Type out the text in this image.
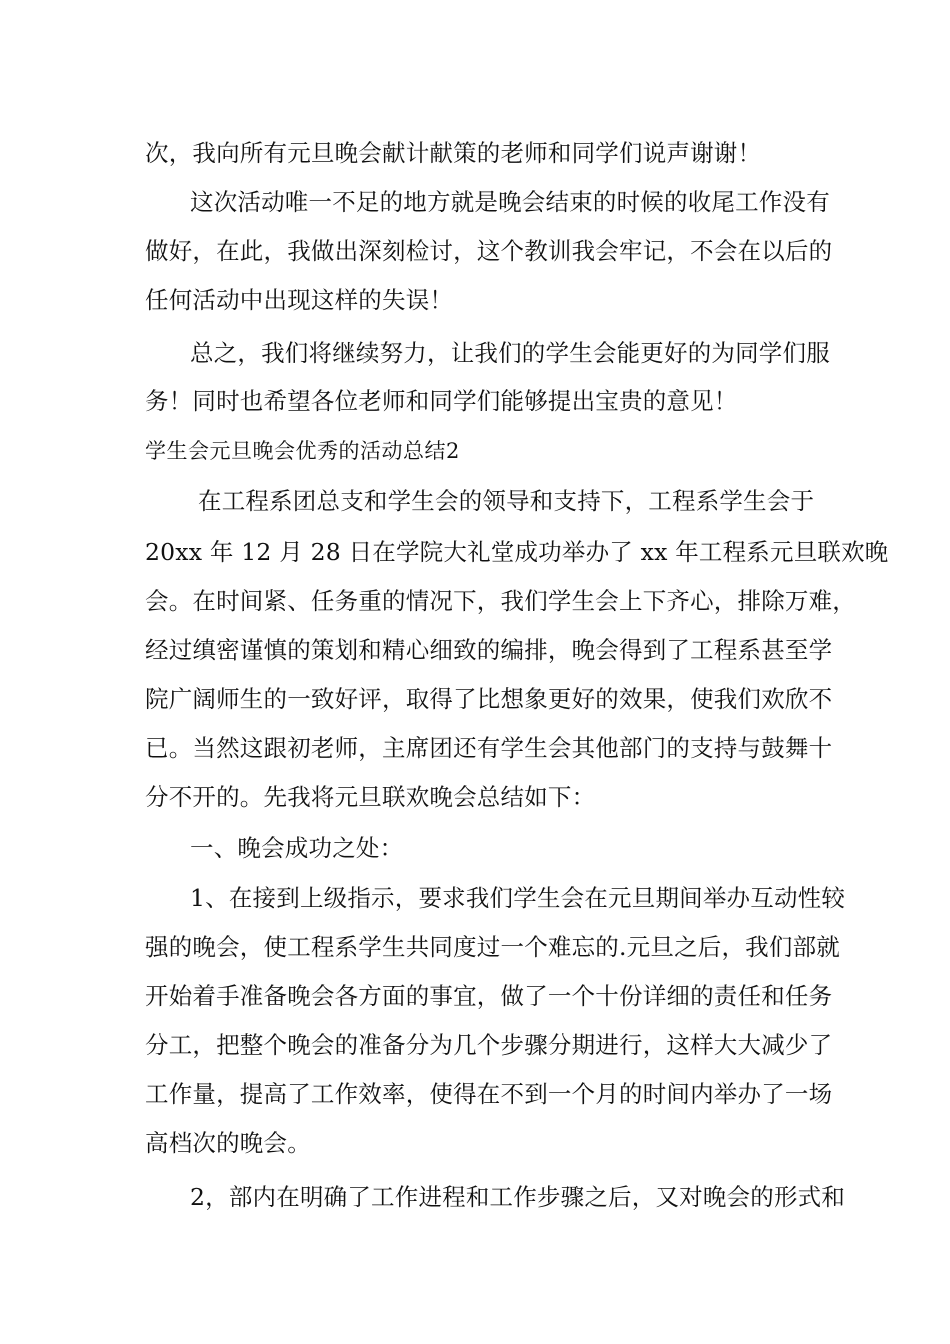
次，我向所有元旦晚会献计献策的老师和同学们说声谢谢！
这次活动唯一不足的地方就是晚会结束的时候的收尾工作没有
做好，在此，我做出深刻检讨，这个教训我会牢记，不会在以后的
任何活动中出现这样的失误！
总之，我们将继续努力，让我们的学生会能更好的为同学们服
务！同时也希望各位老师和同学们能够提出宝贵的意见！
学生会元旦晚会优秀的活动总结2
在工程系团总支和学生会的领导和支持下，工程系学生会于
20xx 年 12 月 28 日在学院大礼堂成功举办了 xx 年工程系元旦联欢晚
会。在时间紧、任务重的情况下，我们学生会上下齐心，排除万难，
经过缜密谨慎的策划和精心细致的编排，晚会得到了工程系甚至学
院广阔师生的一致好评，取得了比想象更好的效果，使我们欢欣不
已。当然这跟初老师，主席团还有学生会其他部门的支持与鼓舞十
分不开的。先我将元旦联欢晚会总结如下：
一、晚会成功之处：
1、在接到上级指示，要求我们学生会在元旦期间举办互动性较
强的晚会，使工程系学生共同度过一个难忘的.元旦之后，我们部就
开始着手准备晚会各方面的事宜，做了一个十份详细的责任和任务
分工，把整个晚会的准备分为几个步骤分期进行，这样大大减少了
工作量，提高了工作效率，使得在不到一个月的时间内举办了一场
高档次的晚会。
2，部内在明确了工作进程和工作步骤之后，又对晚会的形式和
